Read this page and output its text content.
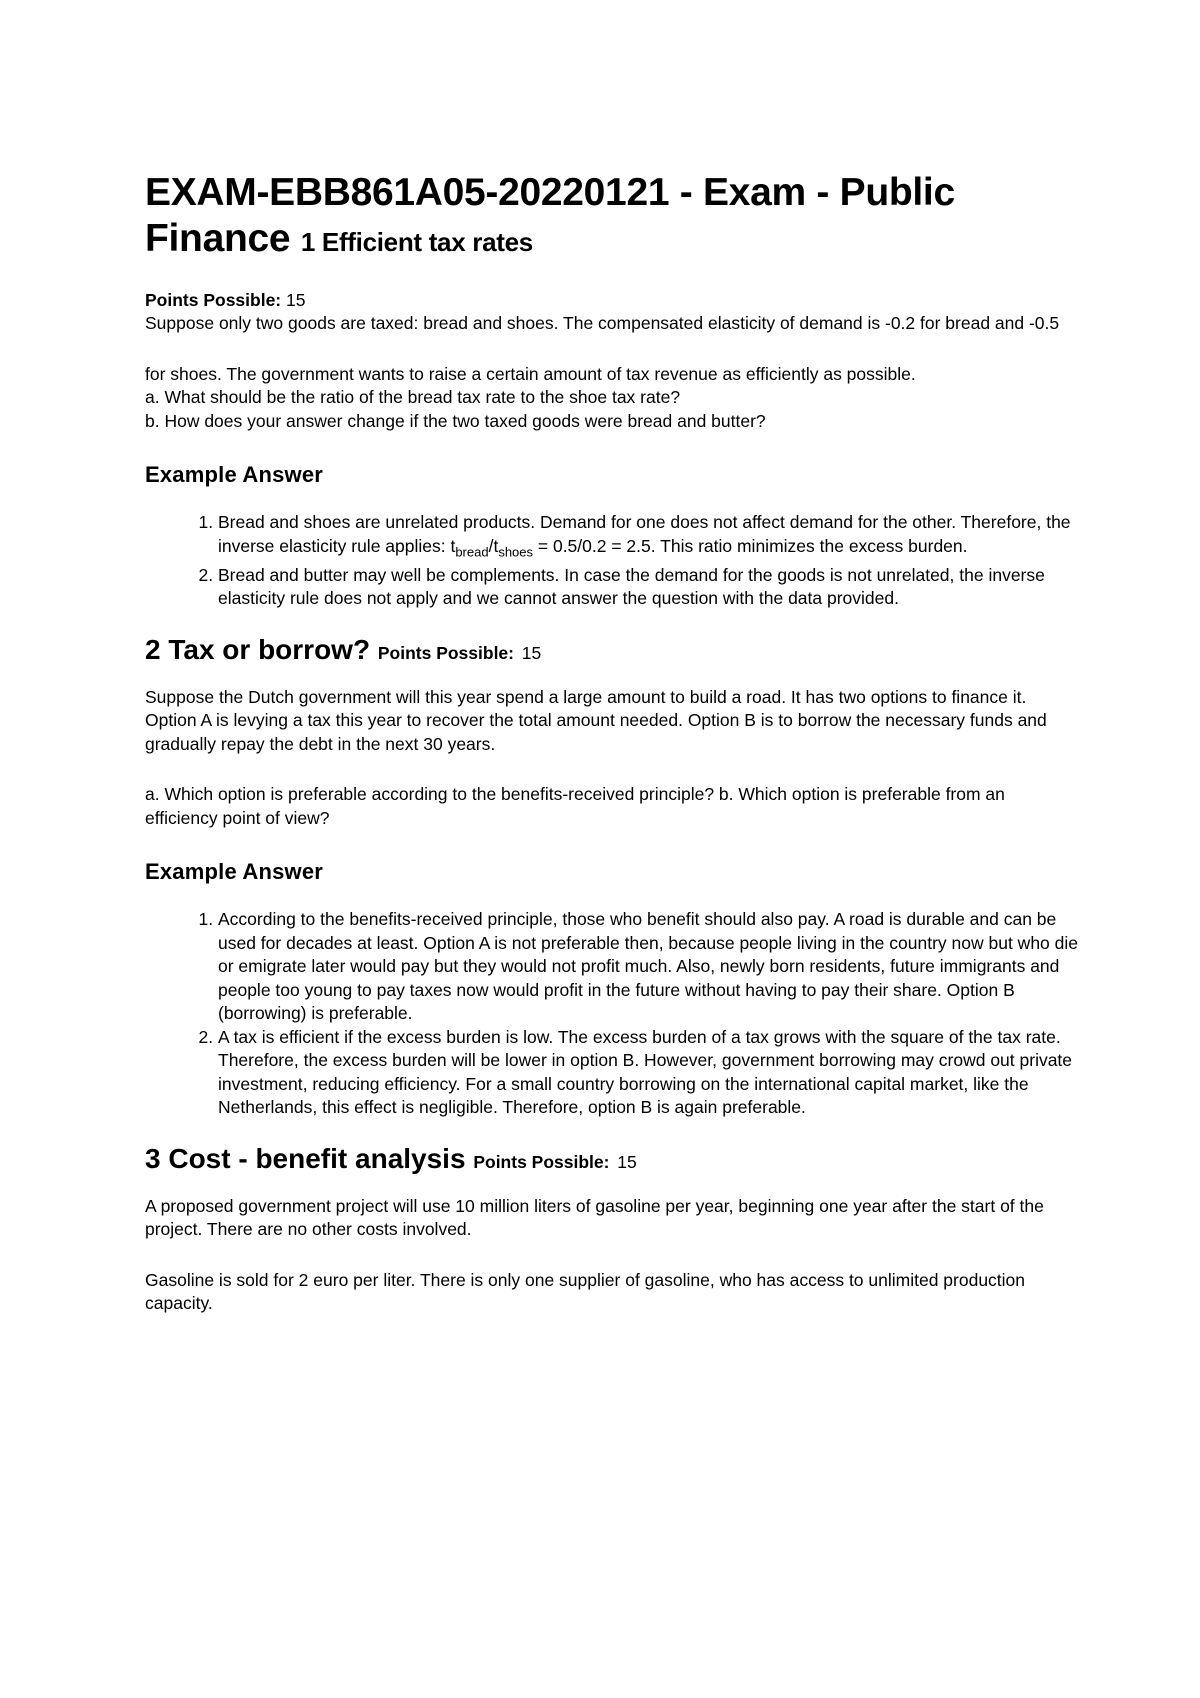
EXAM-EBB861A05-20220121 - Exam - Public Finance 1 Efficient tax rates
Points Possible: 15

Suppose only two goods are taxed: bread and shoes. The compensated elasticity of demand is -0.2 for bread and -0.5

for shoes. The government wants to raise a certain amount of tax revenue as efficiently as possible.

a. What should be the ratio of the bread tax rate to the shoe tax rate?

b. How does your answer change if the two taxed goods were bread and butter?

Example Answer
1. Bread and shoes are unrelated products. Demand for one does not affect demand for the other. Therefore, the inverse elasticity rule applies: $t_{bread}/t_{shoes} = 0.5/0.2 = 2.5$. This ratio minimizes the excess burden.
2. Bread and butter may well be complements. In case the demand for the goods is not unrelated, the inverse elasticity rule does not apply and we cannot answer the question with the data provided.
2 Tax or borrow? Points Possible: 15

Suppose the Dutch government will this year spend a large amount to build a road. It has two options to finance it. Option A is levying a tax this year to recover the total amount needed. Option B is to borrow the necessary funds and gradually repay the debt in the next 30 years.

a. Which option is preferable according to the benefits-received principle? b. Which option is preferable from an efficiency point of view?

Example Answer
1. According to the benefits-received principle, those who benefit should also pay. A road is durable and can be used for decades at least. Option A is not preferable then, because people living in the country now but who die or emigrate later would pay but they would not profit much. Also, newly born residents, future immigrants and people too young to pay taxes now would profit in the future without having to pay their share. Option B (borrowing) is preferable.
2. A tax is efficient if the excess burden is low. The excess burden of a tax grows with the square of the tax rate. Therefore, the excess burden will be lower in option B. However, government borrowing may crowd out private investment, reducing efficiency. For a small country borrowing on the international capital market, like the Netherlands, this effect is negligible. Therefore, option B is again preferable.
3 Cost - benefit analysis Points Possible: 15

A proposed government project will use 10 million liters of gasoline per year, beginning one year after the start of the project. There are no other costs involved.

Gasoline is sold for 2 euro per liter. There is only one supplier of gasoline, who has access to unlimited production capacity.
